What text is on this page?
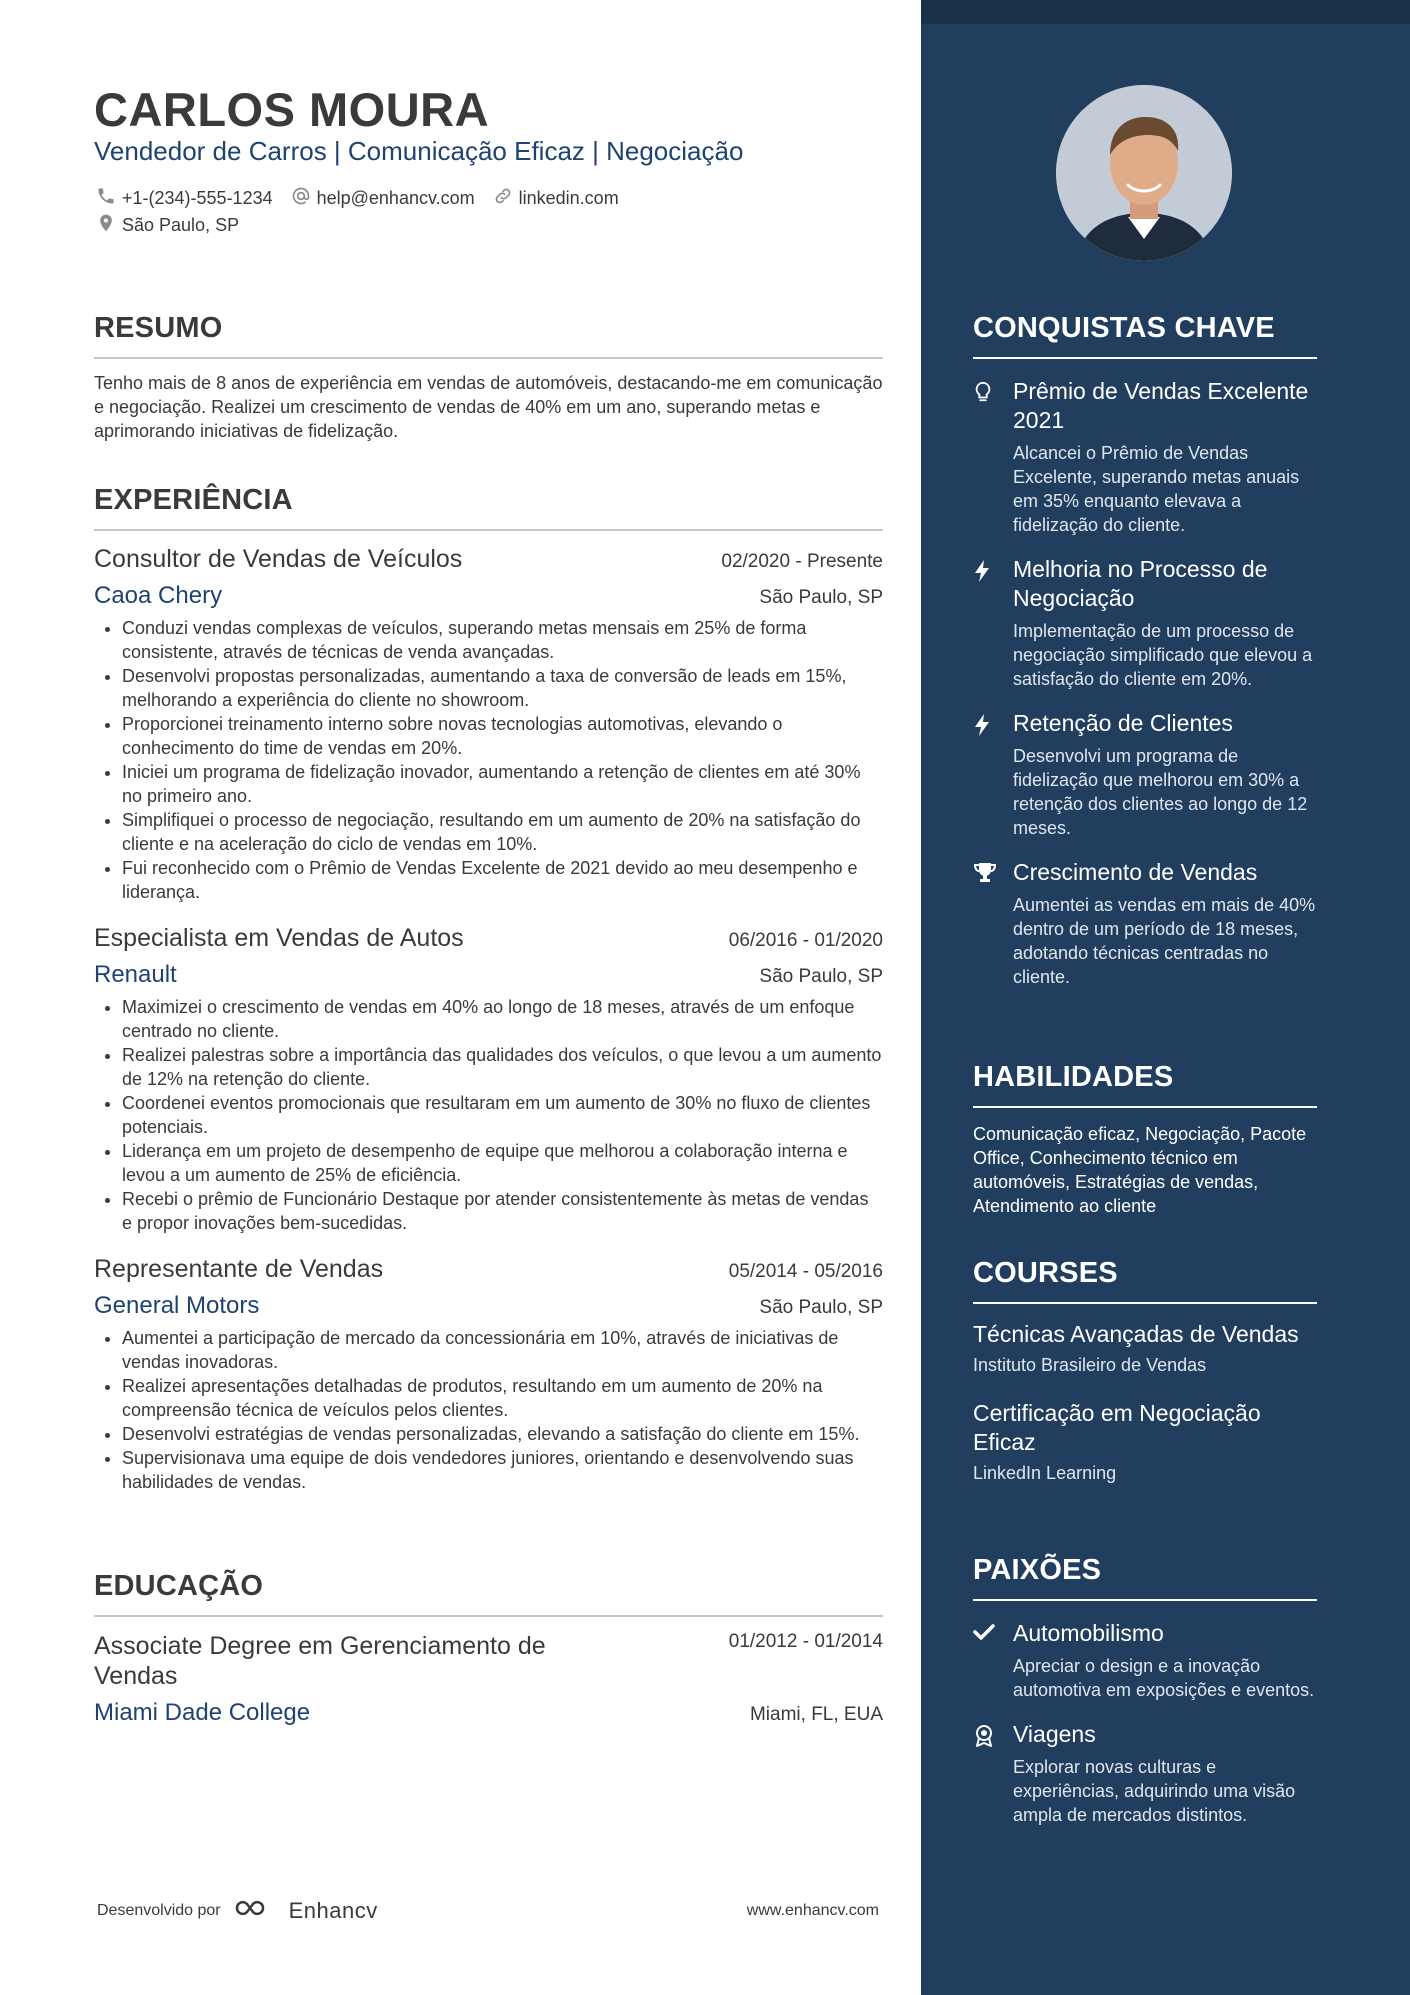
CARLOS MOURA
Vendedor de Carros | Comunicação Eficaz | Negociação
+1-(234)-555-1234 help@enhancv.com linkedin.com
São Paulo, SP
RESUMO
Tenho mais de 8 anos de experiência em vendas de automóveis, destacando-me em comunicação e negociação. Realizei um crescimento de vendas de 40% em um ano, superando metas e aprimorando iniciativas de fidelização.
EXPERIÊNCIA
Consultor de Vendas de Veículos	02/2020 - Presente
Caoa Chery	São Paulo, SP
• Conduzi vendas complexas de veículos, superando metas mensais em 25% de forma consistente, através de técnicas de venda avançadas.
• Desenvolvi propostas personalizadas, aumentando a taxa de conversão de leads em 15%, melhorando a experiência do cliente no showroom.
• Proporcionei treinamento interno sobre novas tecnologias automotivas, elevando o conhecimento do time de vendas em 20%.
• Iniciei um programa de fidelização inovador, aumentando a retenção de clientes em até 30% no primeiro ano.
• Simplifiquei o processo de negociação, resultando em um aumento de 20% na satisfação do cliente e na aceleração do ciclo de vendas em 10%.
• Fui reconhecido com o Prêmio de Vendas Excelente de 2021 devido ao meu desempenho e liderança.
Especialista em Vendas de Autos	06/2016 - 01/2020
Renault	São Paulo, SP
• Maximizei o crescimento de vendas em 40% ao longo de 18 meses, através de um enfoque centrado no cliente.
• Realizei palestras sobre a importância das qualidades dos veículos, o que levou a um aumento de 12% na retenção do cliente.
• Coordenei eventos promocionais que resultaram em um aumento de 30% no fluxo de clientes potenciais.
• Liderança em um projeto de desempenho de equipe que melhorou a colaboração interna e levou a um aumento de 25% de eficiência.
• Recebi o prêmio de Funcionário Destaque por atender consistentemente às metas de vendas e propor inovações bem-sucedidas.
Representante de Vendas	05/2014 - 05/2016
General Motors	São Paulo, SP
• Aumentei a participação de mercado da concessionária em 10%, através de iniciativas de vendas inovadoras.
• Realizei apresentações detalhadas de produtos, resultando em um aumento de 20% na compreensão técnica de veículos pelos clientes.
• Desenvolvi estratégias de vendas personalizadas, elevando a satisfação do cliente em 15%.
• Supervisionava uma equipe de dois vendedores juniores, orientando e desenvolvendo suas habilidades de vendas.
EDUCAÇÃO
Associate Degree em Gerenciamento de Vendas
01/2012 - 01/2014
Miami Dade College	Miami, FL, EUA
Desenvolvido por	Enhancv	www.enhancv.com
CONQUISTAS CHAVE
Prêmio de Vendas Excelente 2021
Alcancei o Prêmio de Vendas Excelente, superando metas anuais em 35% enquanto elevava a fidelização do cliente.
Melhoria no Processo de Negociação
Implementação de um processo de negociação simplificado que elevou a satisfação do cliente em 20%.
Retenção de Clientes
Desenvolvi um programa de fidelização que melhorou em 30% a retenção dos clientes ao longo de 12 meses.
Crescimento de Vendas
Aumentei as vendas em mais de 40% dentro de um período de 18 meses, adotando técnicas centradas no cliente.
HABILIDADES
Comunicação eficaz, Negociação, Pacote Office, Conhecimento técnico em automóveis, Estratégias de vendas, Atendimento ao cliente
COURSES
Técnicas Avançadas de Vendas
Instituto Brasileiro de Vendas
Certificação em Negociação Eficaz
LinkedIn Learning
PAIXÕES
Automobilismo
Apreciar o design e a inovação automotiva em exposições e eventos.
Viagens
Explorar novas culturas e experiências, adquirindo uma visão ampla de mercados distintos.
